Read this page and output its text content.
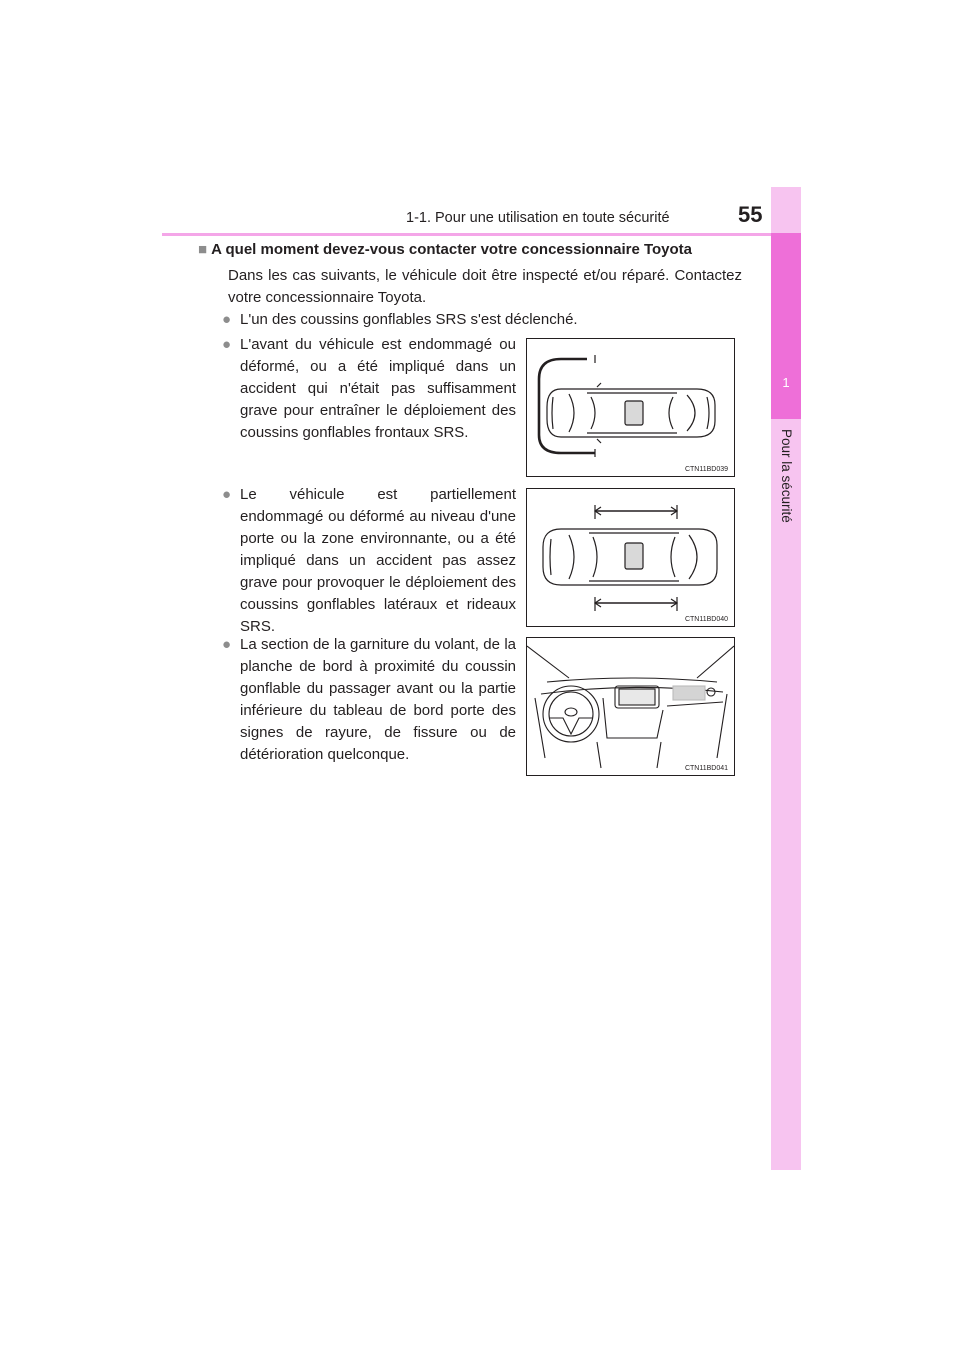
1-1. Pour une utilisation en toute sécurité	55
1
Pour la sécurité
■ A quel moment devez-vous contacter votre concessionnaire Toyota
Dans les cas suivants, le véhicule doit être inspecté et/ou réparé. Contactez votre concessionnaire Toyota.
● L'un des coussins gonflables SRS s'est déclenché.
● L'avant du véhicule est endommagé ou déformé, ou a été impliqué dans un accident qui n'était pas suffisamment grave pour entraîner le déploiement des coussins gonflables frontaux SRS.
● Le véhicule est partiellement endommagé ou déformé au niveau d'une porte ou la zone environnante, ou a été impliqué dans un accident pas assez grave pour provoquer le déploiement des coussins gonflables latéraux et rideaux SRS.
● La section de la garniture du volant, de la planche de bord à proximité du coussin gonflable du passager avant ou la partie inférieure du tableau de bord porte des signes de rayure, de fissure ou de détérioration quelconque.
CTN11BD039
CTN11BD040
CTN11BD041
